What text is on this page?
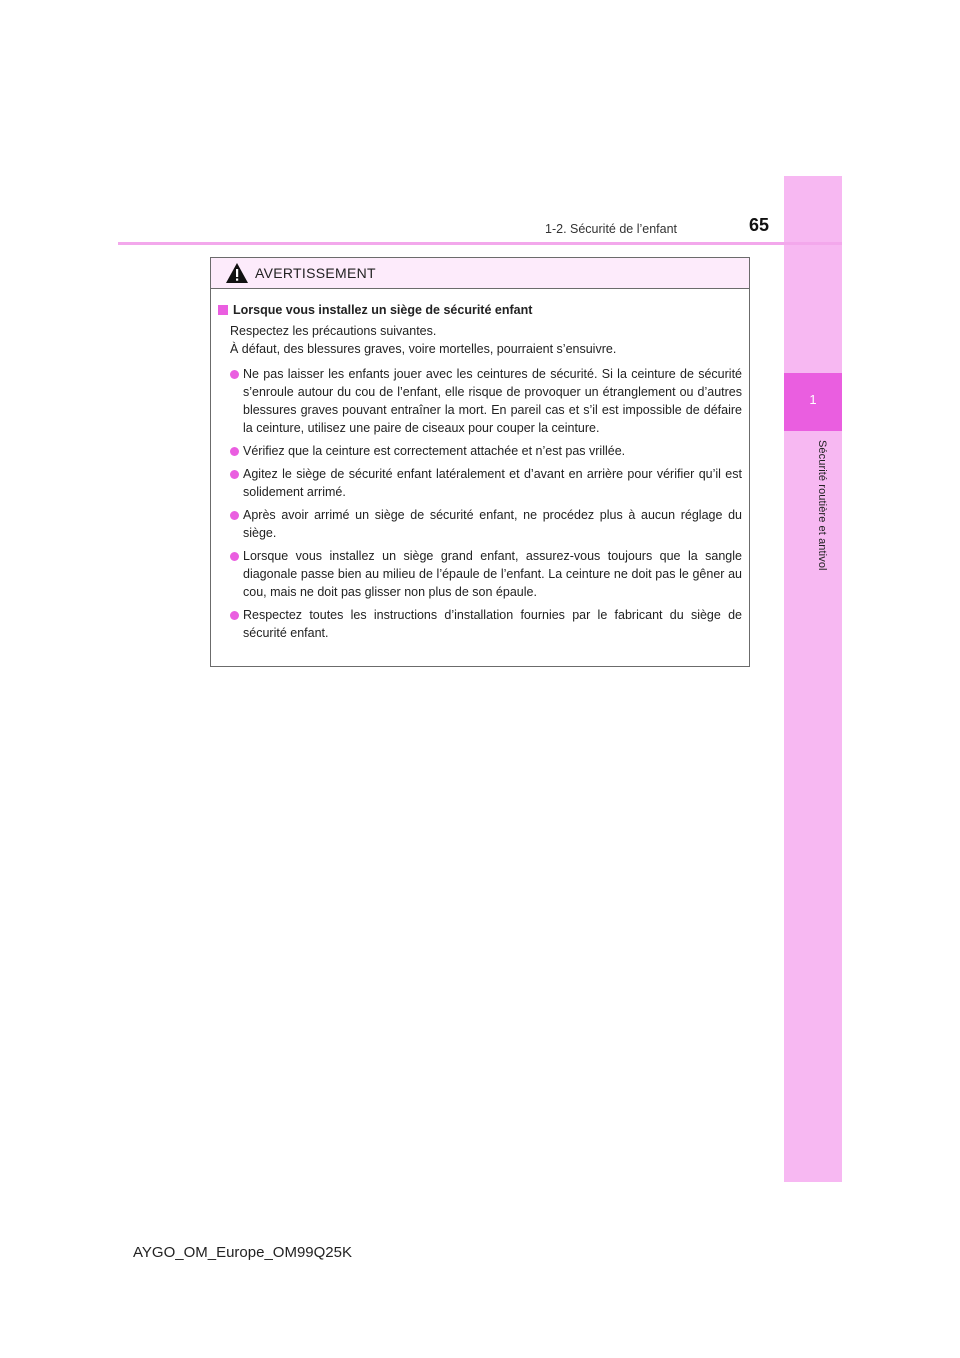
1
Sécurité routière et antivol
1-2. Sécurité de l’enfant	65
AVERTISSEMENT
Lorsque vous installez un siège de sécurité enfant
Respectez les précautions suivantes.
À défaut, des blessures graves, voire mortelles, pourraient s’ensuivre.
Ne pas laisser les enfants jouer avec les ceintures de sécurité. Si la ceinture de sécurité s’enroule autour du cou de l’enfant, elle risque de provoquer un étranglement ou d’autres blessures graves pouvant entraîner la mort. En pareil cas et s’il est impossible de défaire la ceinture, utilisez une paire de ciseaux pour couper la ceinture.
Vérifiez que la ceinture est correctement attachée et n’est pas vrillée.
Agitez le siège de sécurité enfant latéralement et d’avant en arrière pour vérifier qu’il est solidement arrimé.
Après avoir arrimé un siège de sécurité enfant, ne procédez plus à aucun réglage du siège.
Lorsque vous installez un siège grand enfant, assurez-vous toujours que la sangle diagonale passe bien au milieu de l’épaule de l’enfant. La ceinture ne doit pas le gêner au cou, mais ne doit pas glisser non plus de son épaule.
Respectez toutes les instructions d’installation fournies par le fabricant du siège de sécurité enfant.
AYGO_OM_Europe_OM99Q25K
